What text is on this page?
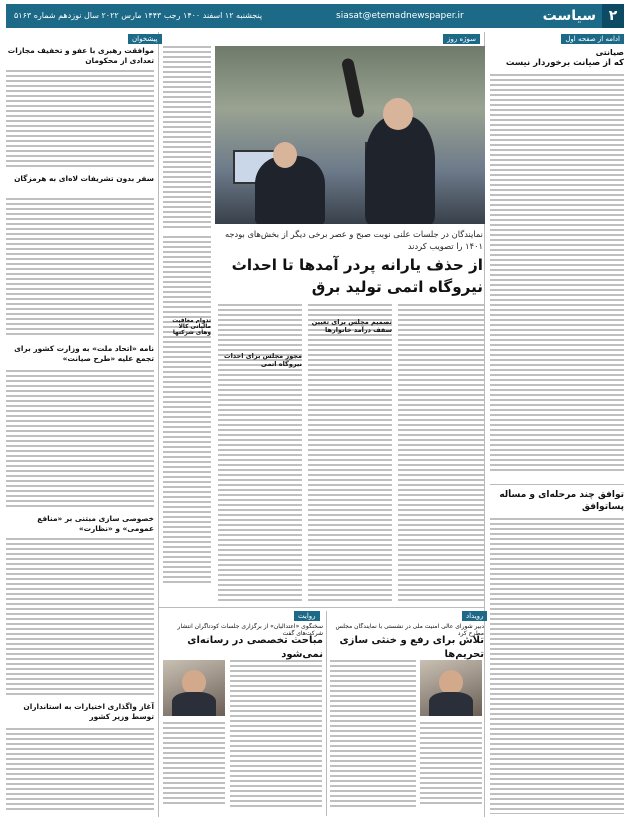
۲
سیاست
siasat@etemadnewspaper.ir
پنجشنبه ۱۲ اسفند ۱۴۰۰ رجب ۱۴۴۳ مارس ۲۰۲۲ سال نوزدهم شماره ۵۱۶۳
ادامه از صفحه اول
صیانتی
که از صیانت برخوردار نیست
توافق چند مرحله‌ای و مسأله پساتوافق
سوژه روز
نمایندگان در جلسات علنی نوبت صبح و عصر برخی دیگر از بخش‌های بودجه ۱۴۰۱ را تصویب کردند
از حذف یارانه پردر آمدها تا احداث نیروگاه اتمی تولید برق
مجوز مجلس برای احداث نیروگاه اتمی
تصمیم مجلس برای تعیین سقف درآمد خانوارها
تدوام معافیت مالیاتی کالا وهای شرکتها
رویداد
دبیر شورای عالی امنیت ملی در نشستی با نمایندگان مجلس مطرح کرد
تلاش برای رفع و خنثی سازی تحریم‌ها
روایت
سخنگوی «اعتدالیان» از برگزاری جلسات کودتاگران انتشار شرکت‌های گفت
مباحث تخصصی در رسانه‌ای نمی‌شود
پیشخوان
موافقت رهبری با عفو و تخفیف مجازات تعدادی از محکومان
سفر بدون تشریفات لاه‌ای به هرمزگان
نامه «اتحاد ملت» به وزارت کشور برای تجمع علیه «طرح صیانت»
خصوصی سازی مبتنی بر «منافع عمومی» و «نظارت»
آغاز واگذاری اختیارات به استانداران توسط وزیر کشور
